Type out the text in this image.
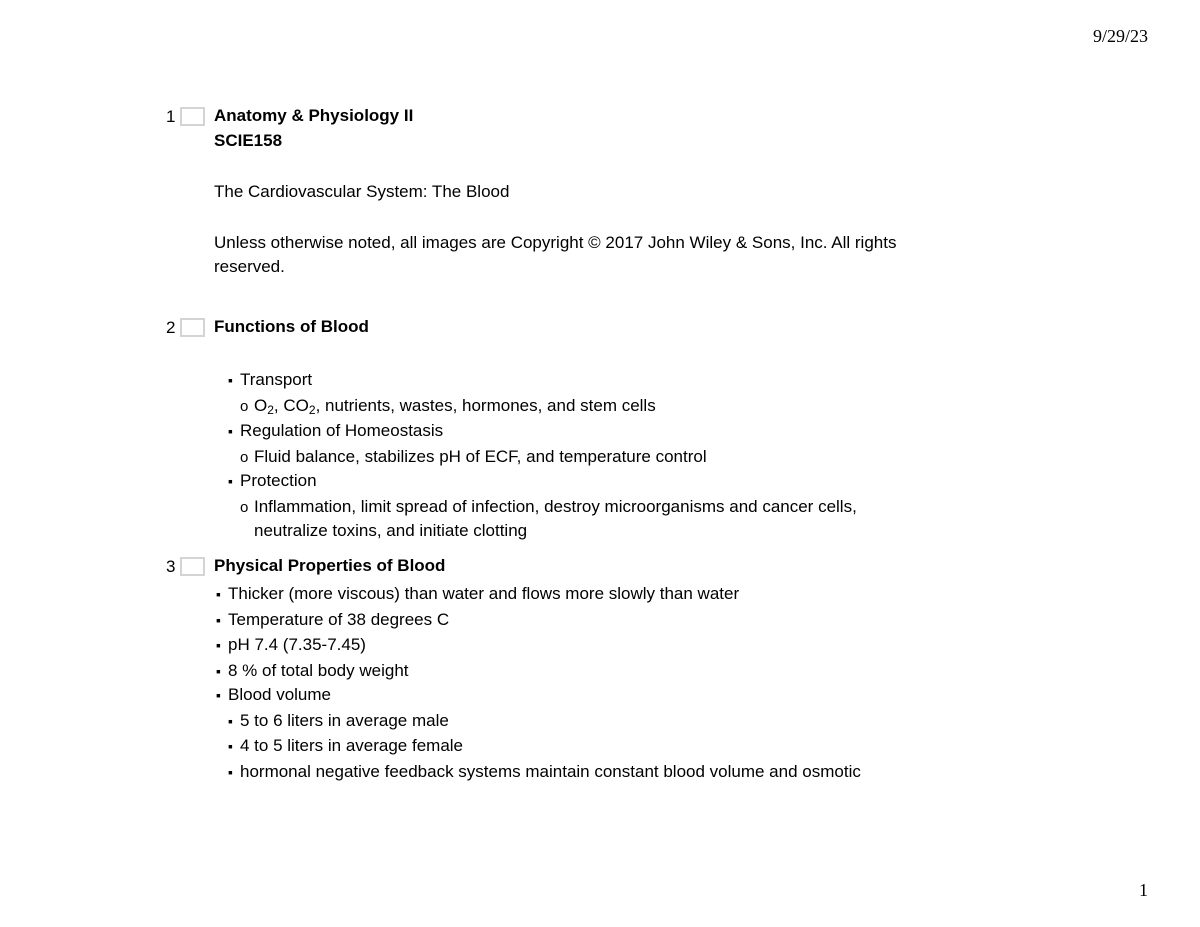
9/29/23
1 Anatomy & Physiology II
SCIE158
The Cardiovascular System: The Blood
Unless otherwise noted, all images are Copyright © 2017 John Wiley & Sons, Inc. All rights
reserved.
2 Functions of Blood
▪ Transport
o $O_2$, $CO_2$, nutrients, wastes, hormones, and stem cells
▪ Regulation of Homeostasis
o Fluid balance, stabilizes pH of ECF, and temperature control
▪ Protection
o Inflammation, limit spread of infection, destroy microorganisms and cancer cells,
neutralize toxins, and initiate clotting
3 Physical Properties of Blood
▪ Thicker (more viscous) than water and flows more slowly than water
▪ Temperature of 38 degrees C
▪ pH 7.4 (7.35-7.45)
▪ 8 % of total body weight
▪ Blood volume
▪ 5 to 6 liters in average male
▪ 4 to 5 liters in average female
▪ hormonal negative feedback systems maintain constant blood volume and osmotic
1
